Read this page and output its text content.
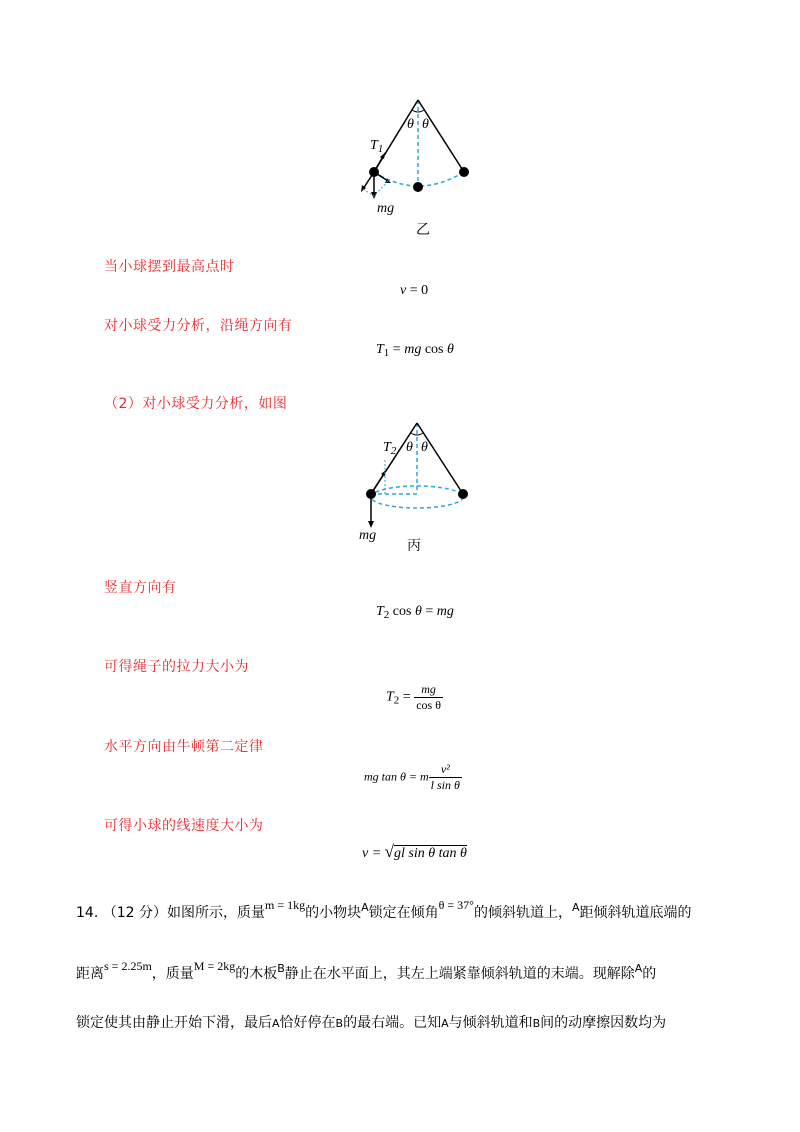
$T_1$
θ θ
mg
乙
当小球摆到最高点时
v = 0
对小球受力分析，沿绳方向有
$T_1$ = mg cos θ
（2）对小球受力分析，如图
$T_2$ θ θ
mg
丙
竖直方向有
$T_2$ cos θ = mg
可得绳子的拉力大小为
$T_2 = \frac{mg}{\text{cos θ}}$
水平方向由牛顿第二定律
mg tan θ = m $\frac{\text{v²}}{\text{l sin θ}}$
可得小球的线速度大小为
v = √gl sin θ tan θ
14. （12 分）如图所示，质量m = 1kg的小物块$^A$锁定在倾角θ = 37°的倾斜轨道上，$^A$距倾斜轨道底端的
距离s = 2.25m，质量M = 2kg的木板$^B$静止在水平面上，其左上端紧靠倾斜轨道的末端。现解除$^A$的
锁定使其由静止开始下滑，最后A恰好停在B的最右端。已知A与倾斜轨道和B间的动摩擦因数均为
